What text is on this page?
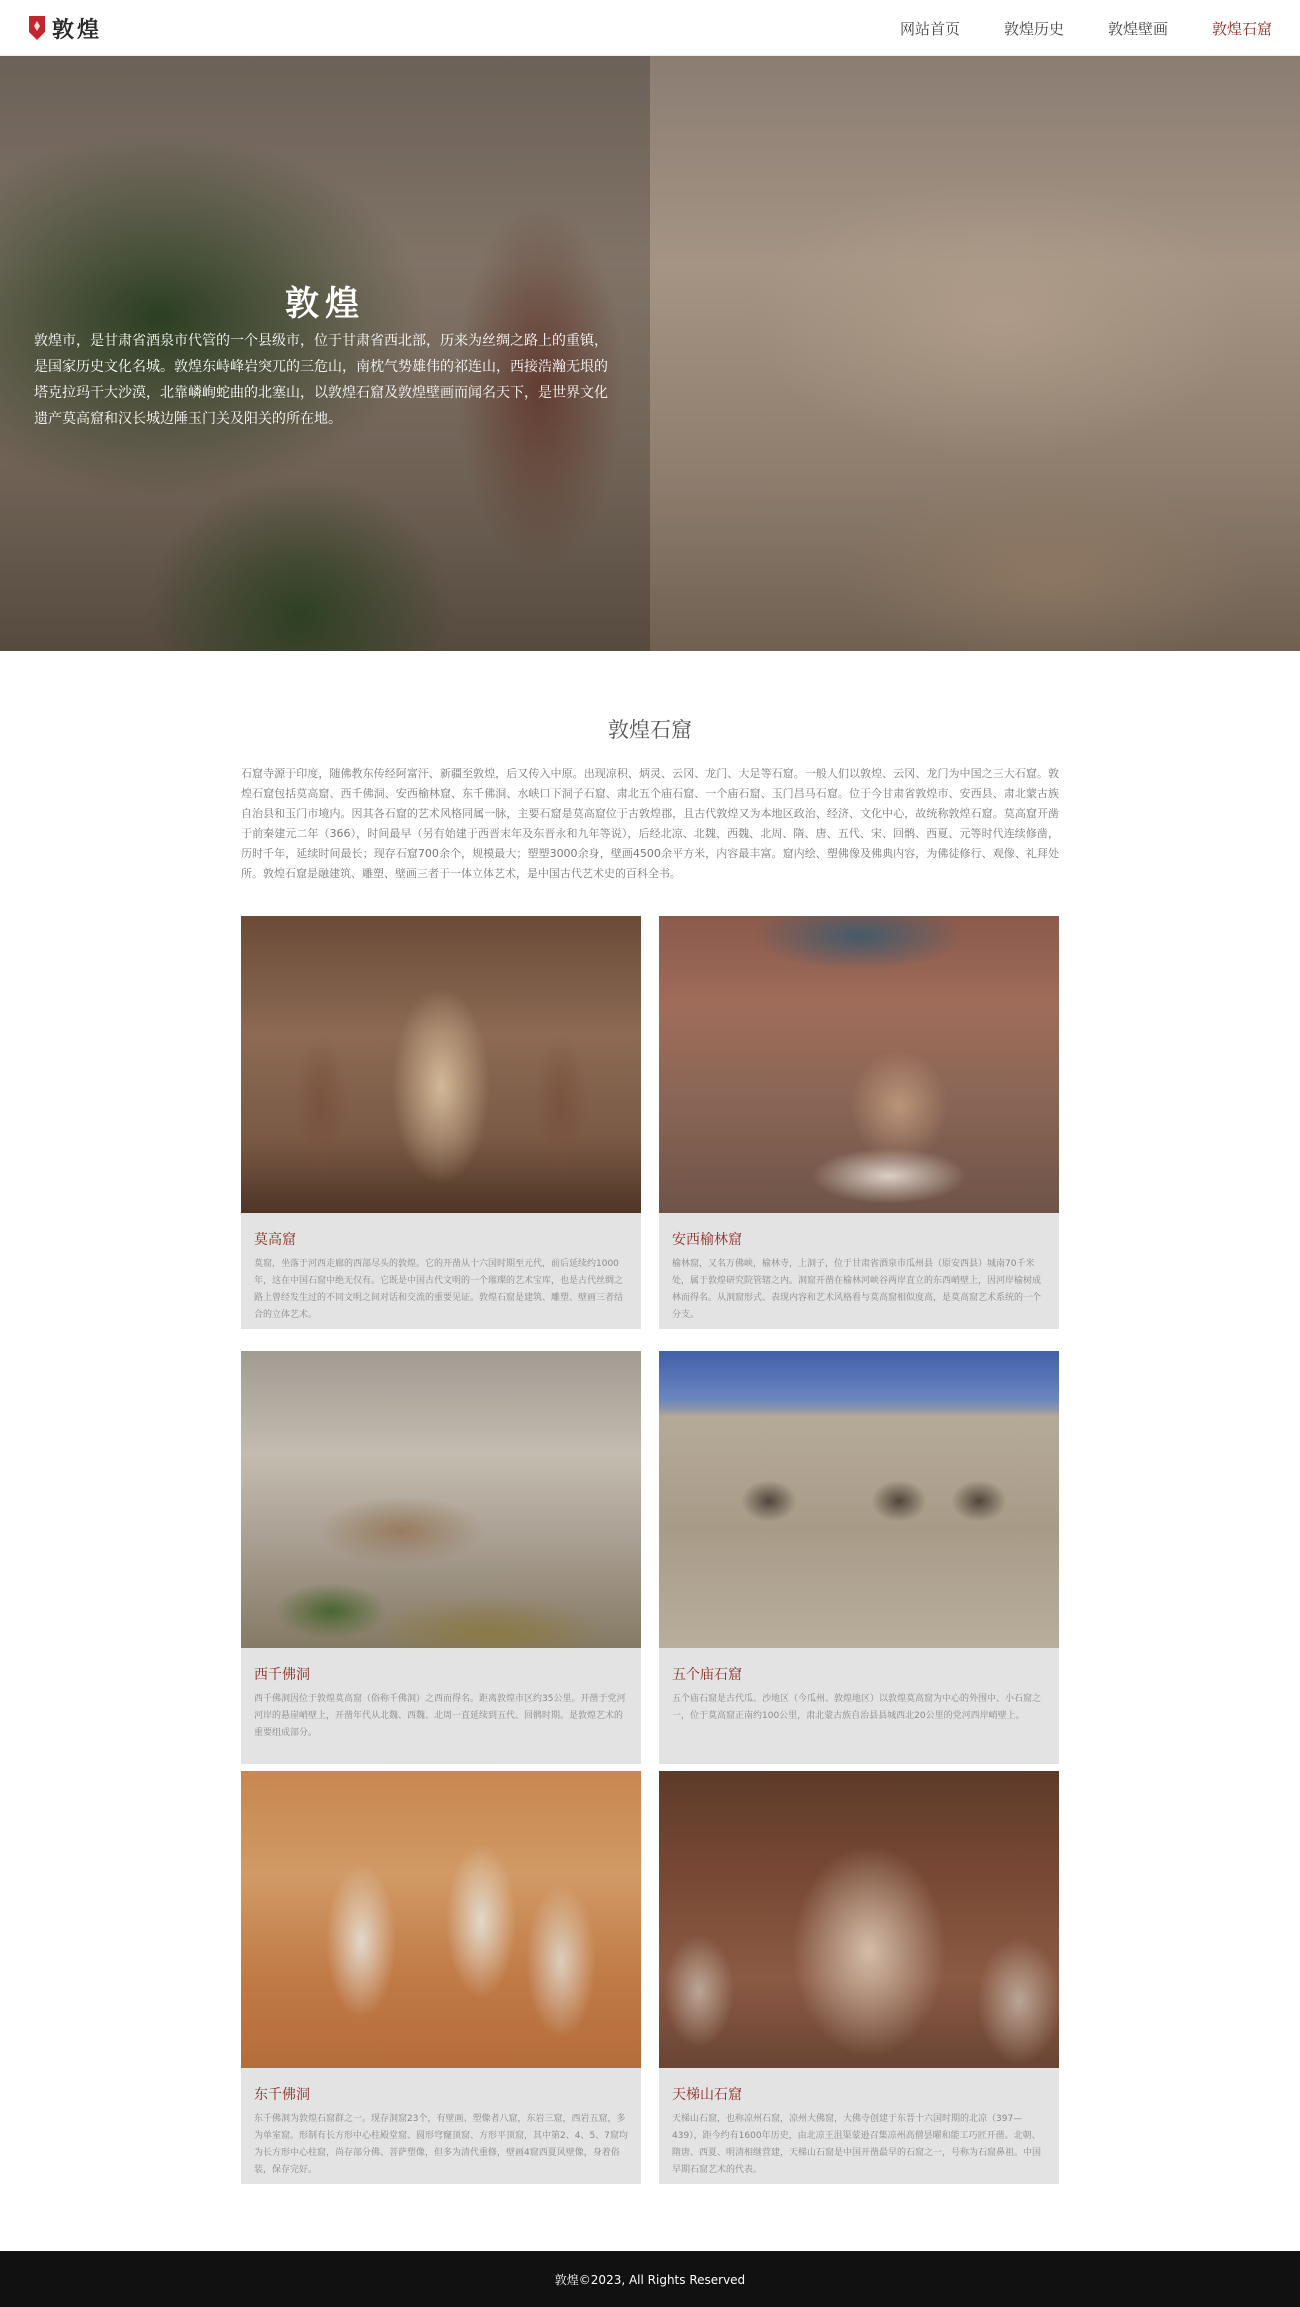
敦煌	网站首页	敦煌历史	敦煌壁画	敦煌石窟
敦煌
敦煌市，是甘肃省酒泉市代管的一个县级市，位于甘肃省西北部，历来为丝绸之路上的重镇，是国家历史文化名城。敦煌东峙峰岩突兀的三危山，南枕气势雄伟的祁连山，西接浩瀚无垠的塔克拉玛干大沙漠，北靠嶙峋蛇曲的北塞山，以敦煌石窟及敦煌壁画而闻名天下，是世界文化遗产莫高窟和汉长城边陲玉门关及阳关的所在地。
敦煌石窟
石窟寺源于印度，随佛教东传经阿富汗、新疆至敦煌，后又传入中原。出现凉积、炳灵、云冈、龙门、大足等石窟。一般人们以敦煌、云冈、龙门为中国之三大石窟。敦煌石窟包括莫高窟、西千佛洞、安西榆林窟、东千佛洞、水峡口下洞子石窟、肃北五个庙石窟、一个庙石窟、玉门昌马石窟。位于今甘肃省敦煌市、安西县、肃北蒙古族自治县和玉门市境内。因其各石窟的艺术风格同属一脉，主要石窟是莫高窟位于古敦煌郡，且古代敦煌又为本地区政治、经济、文化中心，故统称敦煌石窟。莫高窟开凿于前秦建元二年（366），时间最早（另有始建于西晋末年及东晋永和九年等说），后经北凉、北魏、西魏、北周、隋、唐、五代、宋、回鹘、西夏、元等时代连续修凿，历时千年，延续时间最长；现存石窟700余个，规模最大；塑塑3000余身，壁画4500余平方米，内容最丰富。窟内绘、塑佛像及佛典内容，为佛徒修行、观像、礼拜处所。敦煌石窟是融建筑、雕塑、壁画三者于一体立体艺术，是中国古代艺术史的百科全书。
莫高窟
莫窟，坐落于河西走廊的西部尽头的敦煌。它的开凿从十六国时期至元代，前后延续约1000年，这在中国石窟中绝无仅有。它既是中国古代文明的一个璀璨的艺术宝库，也是古代丝绸之路上曾经发生过的不同文明之间对话和交流的重要见证。敦煌石窟是建筑、雕塑、壁画三者结合的立体艺术。
安西榆林窟
榆林窟，又名万佛峡，榆林寺，上洞子，位于甘肃省酒泉市瓜州县（原安西县）城南70千米处，属于敦煌研究院管辖之内。洞窟开凿在榆林河峡谷两岸直立的东西峭壁上，因河岸榆树成林而得名。从洞窟形式、表现内容和艺术风格看与莫高窟相似度高，是莫高窟艺术系统的一个分支。
西千佛洞
西千佛洞因位于敦煌莫高窟（俗称千佛洞）之西而得名。距离敦煌市区约35公里。开凿于党河河岸的悬崖峭壁上，开凿年代从北魏、西魏、北周一直延续到五代、回鹘时期。是敦煌艺术的重要组成部分。
五个庙石窟
五个庙石窟是古代瓜、沙地区（今瓜州、敦煌地区）以敦煌莫高窟为中心的外围中、小石窟之一，位于莫高窟正南约100公里，肃北蒙古族自治县县城西北20公里的党河西岸峭壁上。
东千佛洞
东千佛洞为敦煌石窟群之一。现存洞窟23个，有壁画、塑像者八窟，东岩三窟，西岩五窟，多为单室窟。形制有长方形中心柱殿堂窟、圆形穹窿顶窟、方形平顶窟，其中第2、4、5、7窟均为长方形中心柱窟，尚存部分佛、菩萨塑像，但多为清代重修，壁画4窟西夏风壁像，身着俗装，保存完好。
天梯山石窟
天梯山石窟，也称凉州石窟，凉州大佛窟，大佛寺创建于东晋十六国时期的北凉（397—439），距今约有1600年历史，由北凉王沮渠蒙逊召集凉州高僧昙曜和能工巧匠开凿。北朝、隋唐、西夏、明清相继营建，天梯山石窟是中国开凿最早的石窟之一，号称为石窟鼻祖。中国早期石窟艺术的代表。
敦煌©2023, All Rights Reserved
